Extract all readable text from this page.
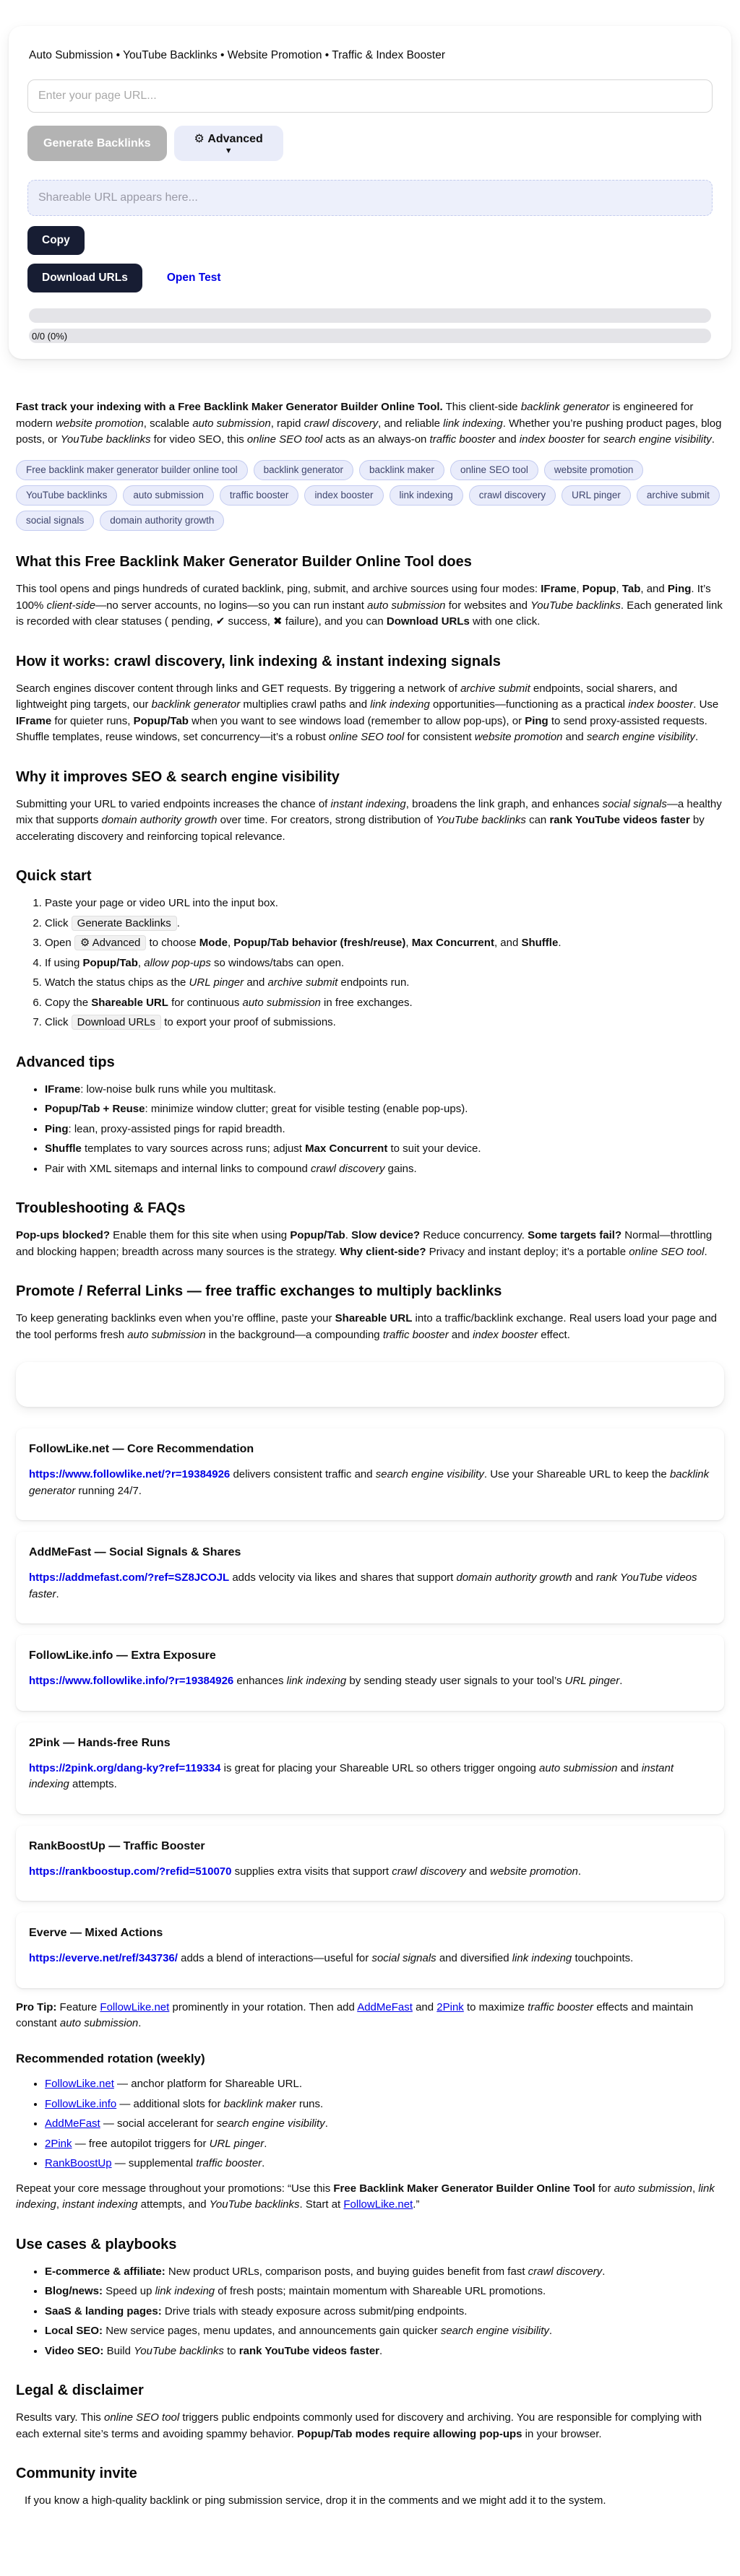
Auto Submission • YouTube Backlinks • Website Promotion • Traffic & Index Booster
Enter your page URL...
Generate Backlinks	⚙ Advanced
▼
Shareable URL appears here...
Copy
Download URLs	Open Test
0/0 (0%)

Fast track your indexing with a Free Backlink Maker Generator Builder Online Tool. This client-side backlink generator is engineered for modern website promotion, scalable auto submission, rapid crawl discovery, and reliable link indexing. Whether you’re pushing product pages, blog posts, or YouTube backlinks for video SEO, this online SEO tool acts as an always-on traffic booster and index booster for search engine visibility.

Free backlink maker generator builder online tool	backlink generator	backlink maker	online SEO tool	website promotion
YouTube backlinks	auto submission	traffic booster	index booster	link indexing	crawl discovery	URL pinger	archive submit
social signals	domain authority growth
What this Free Backlink Maker Generator Builder Online Tool does

This tool opens and pings hundreds of curated backlink, ping, submit, and archive sources using four modes: IFrame, Popup, Tab, and Ping. It’s 100% client-side—no server accounts, no logins—so you can run instant auto submission for websites and YouTube backlinks. Each generated link is recorded with clear statuses ( pending, ✔ success, ✖ failure), and you can Download URLs with one click.

How it works: crawl discovery, link indexing & instant indexing signals

Search engines discover content through links and GET requests. By triggering a network of archive submit endpoints, social sharers, and lightweight ping targets, our backlink generator multiplies crawl paths and link indexing opportunities—functioning as a practical index booster. Use IFrame for quieter runs, Popup/Tab when you want to see windows load (remember to allow pop-ups), or Ping to send proxy-assisted requests. Shuffle templates, reuse windows, set concurrency—it’s a robust online SEO tool for consistent website promotion and search engine visibility.

Why it improves SEO & search engine visibility

Submitting your URL to varied endpoints increases the chance of instant indexing, broadens the link graph, and enhances social signals—a healthy mix that supports domain authority growth over time. For creators, strong distribution of YouTube backlinks can rank YouTube videos faster by accelerating discovery and reinforcing topical relevance.

Quick start
1. Paste your page or video URL into the input box.
2. Click Generate Backlinks .
3. Open ⚙ Advanced to choose Mode, Popup/Tab behavior (fresh/reuse), Max Concurrent, and Shuffle.
4. If using Popup/Tab, allow pop-ups so windows/tabs can open.
5. Watch the status chips as the URL pinger and archive submit endpoints run.
6. Copy the Shareable URL for continuous auto submission in free exchanges.
7. Click Download URLs to export your proof of submissions.
Advanced tips
• IFrame: low-noise bulk runs while you multitask.
• Popup/Tab + Reuse: minimize window clutter; great for visible testing (enable pop-ups).
• Ping: lean, proxy-assisted pings for rapid breadth.
• Shuffle templates to vary sources across runs; adjust Max Concurrent to suit your device.
• Pair with XML sitemaps and internal links to compound crawl discovery gains.
Troubleshooting & FAQs

Pop-ups blocked? Enable them for this site when using Popup/Tab. Slow device? Reduce concurrency. Some targets fail? Normal—throttling and blocking happen; breadth across many sources is the strategy. Why client-side? Privacy and instant deploy; it’s a portable online SEO tool.

Promote / Referral Links — free traffic exchanges to multiply backlinks

To keep generating backlinks even when you’re offline, paste your Shareable URL into a traffic/backlink exchange. Real users load your page and the tool performs fresh auto submission in the background—a compounding traffic booster and index booster effect.

FollowLike.net — Core Recommendation

https://www.followlike.net/?r=19384926 delivers consistent traffic and search engine visibility. Use your Shareable URL to keep the backlink generator running 24/7.

AddMeFast — Social Signals & Shares

https://addmefast.com/?ref=SZ8JCOJL adds velocity via likes and shares that support domain authority growth and rank YouTube videos faster.

FollowLike.info — Extra Exposure

https://www.followlike.info/?r=19384926 enhances link indexing by sending steady user signals to your tool’s URL pinger.

2Pink — Hands-free Runs

https://2pink.org/dang-ky?ref=119334 is great for placing your Shareable URL so others trigger ongoing auto submission and instant indexing attempts.

RankBoostUp — Traffic Booster

https://rankboostup.com/?refid=510070 supplies extra visits that support crawl discovery and website promotion.

Everve — Mixed Actions

https://everve.net/ref/343736/ adds a blend of interactions—useful for social signals and diversified link indexing touchpoints.

Pro Tip: Feature FollowLike.net prominently in your rotation. Then add AddMeFast and 2Pink to maximize traffic booster effects and maintain constant auto submission.

Recommended rotation (weekly)
• FollowLike.net — anchor platform for Shareable URL.
• FollowLike.info — additional slots for backlink maker runs.
• AddMeFast — social accelerant for search engine visibility.
• 2Pink — free autopilot triggers for URL pinger.
• RankBoostUp — supplemental traffic booster.

Repeat your core message throughout your promotions: “Use this Free Backlink Maker Generator Builder Online Tool for auto submission, link indexing, instant indexing attempts, and YouTube backlinks. Start at FollowLike.net.”

Use cases & playbooks
• E-commerce & affiliate: New product URLs, comparison posts, and buying guides benefit from fast crawl discovery.
• Blog/news: Speed up link indexing of fresh posts; maintain momentum with Shareable URL promotions.
• SaaS & landing pages: Drive trials with steady exposure across submit/ping endpoints.
• Local SEO: New service pages, menu updates, and announcements gain quicker search engine visibility.
• Video SEO: Build YouTube backlinks to rank YouTube videos faster.
Legal & disclaimer

Results vary. This online SEO tool triggers public endpoints commonly used for discovery and archiving. You are responsible for complying with each external site’s terms and avoiding spammy behavior. Popup/Tab modes require allowing pop-ups in your browser.

Community invite

If you know a high-quality backlink or ping submission service, drop it in the comments and we might add it to the system.
